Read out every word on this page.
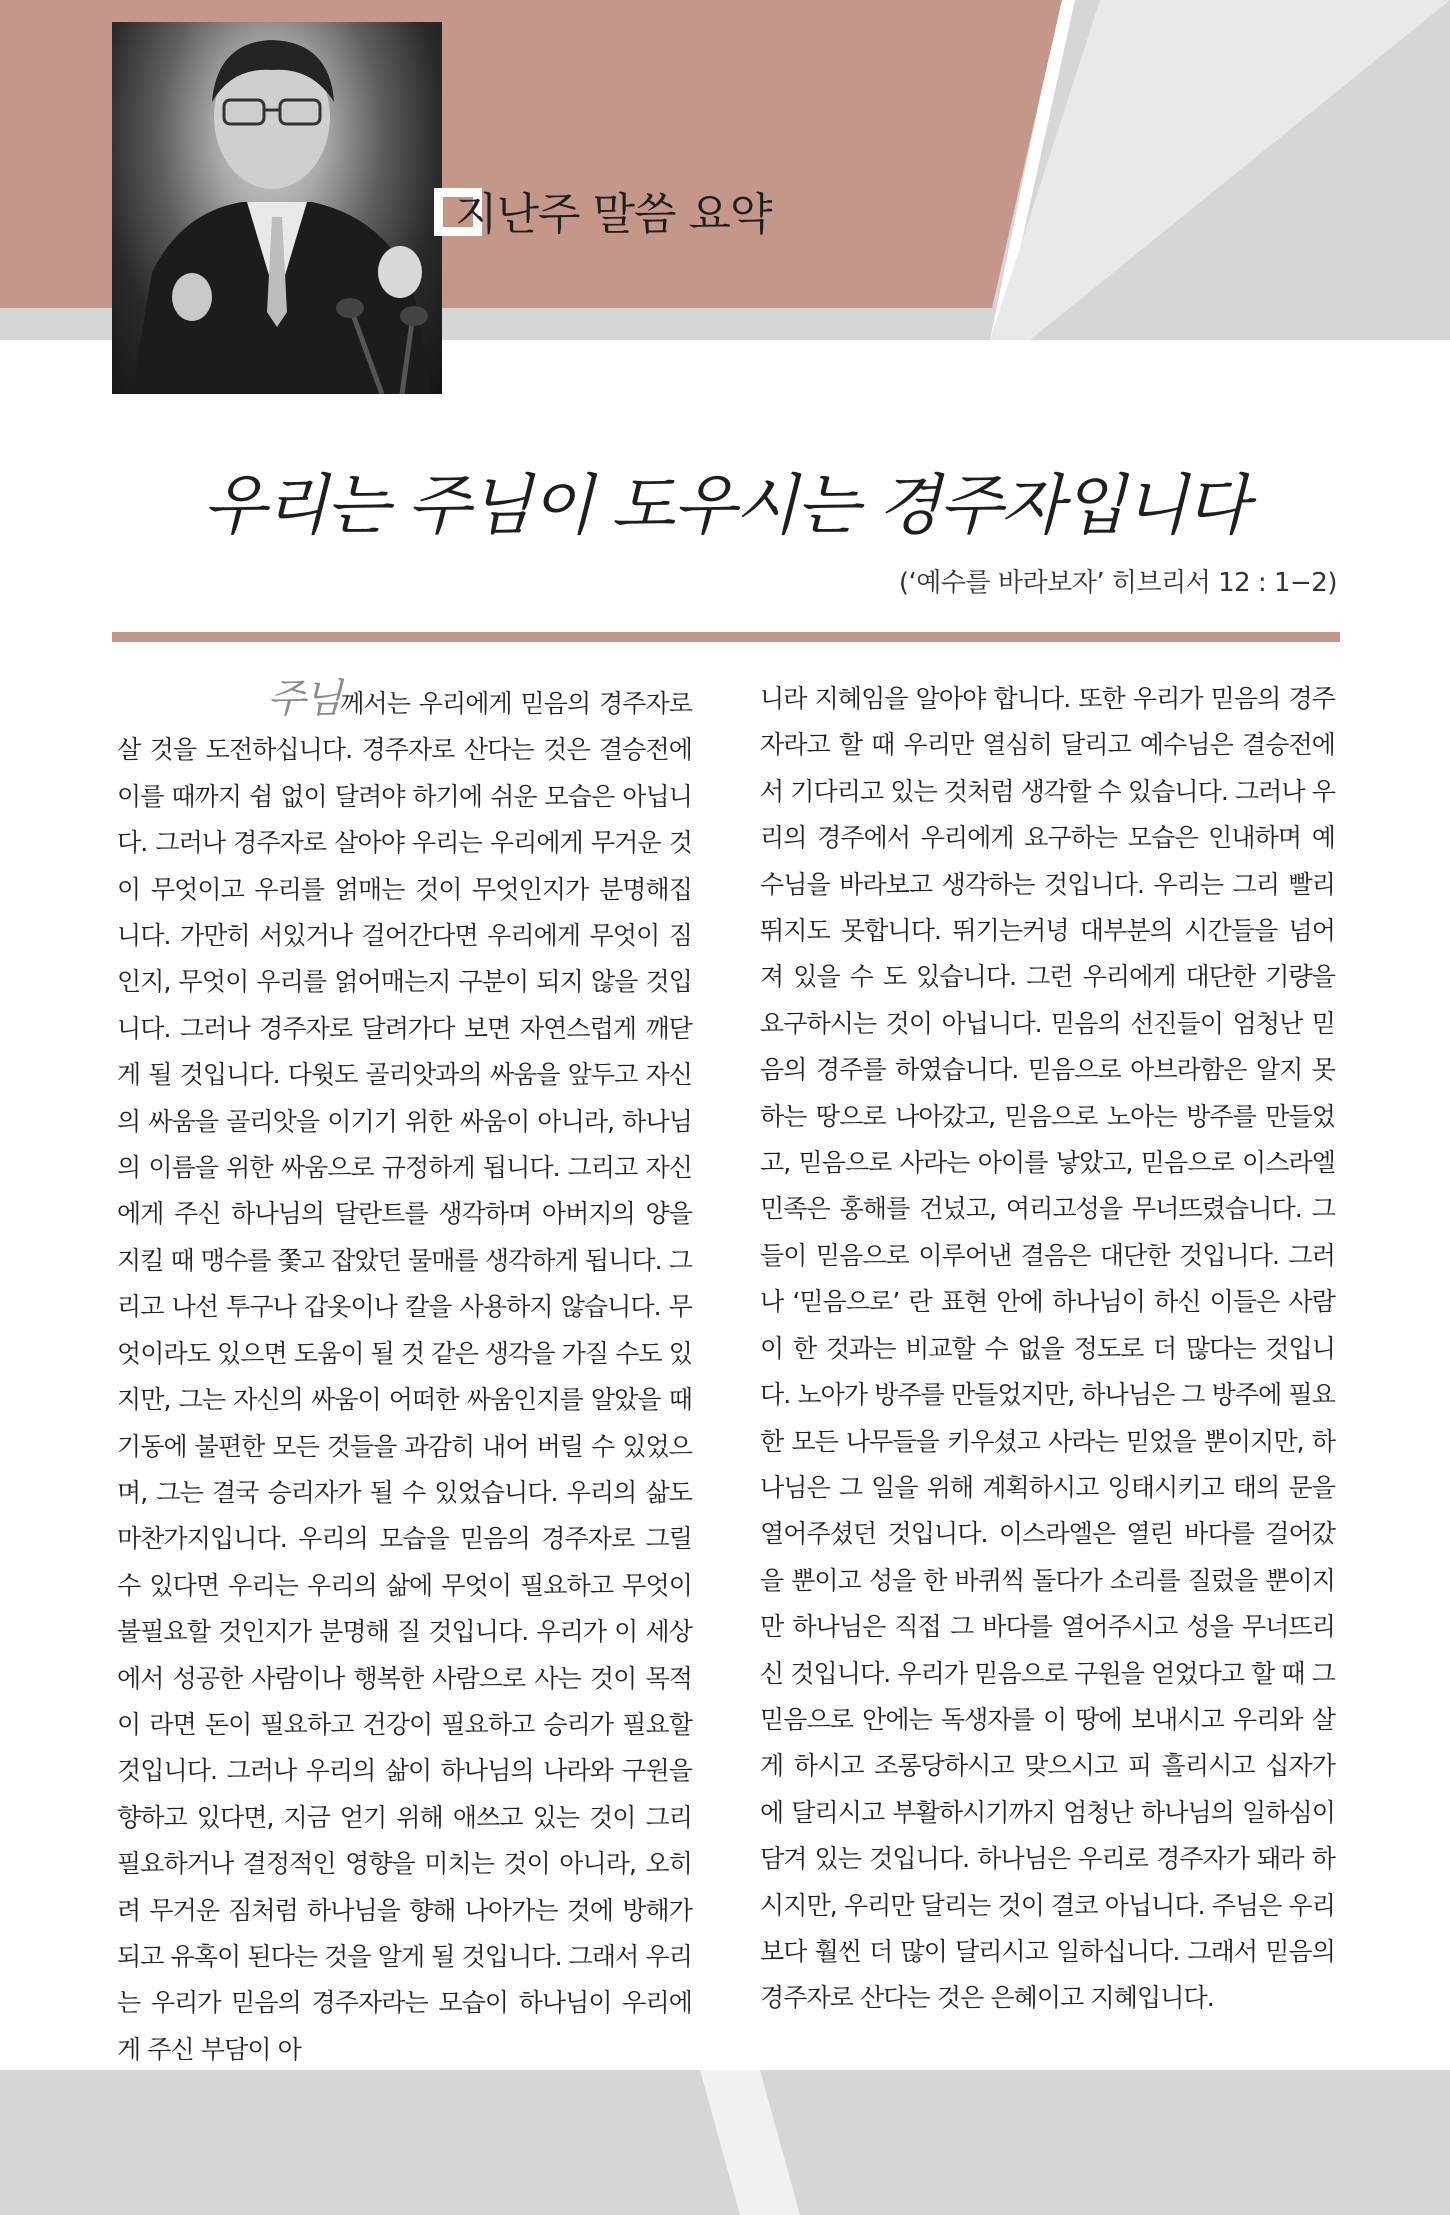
지난주 말씀 요약
우리는 주님이 도우시는 경주자입니다
(‘예수를 바라보자’ 히브리서 12 : 1−2)
주님께서는 우리에게 믿음의 경주자로 살 것을 도전하십니다. 경주자로 산다는 것은 결승전에 이를 때까지 쉼 없이 달려야 하기에 쉬운 모습은 아닙니다. 그러나 경주자로 살아야 우리는 우리에게 무거운 것이 무엇이고 우리를 얽매는 것이 무엇인지가 분명해집니다. 가만히 서있거나 걸어간다면 우리에게 무엇이 짐인지, 무엇이 우리를 얽어매는지 구분이 되지 않을 것입니다. 그러나 경주자로 달려가다 보면 자연스럽게 깨닫게 될 것입니다. 다윗도 골리앗과의 싸움을 앞두고 자신의 싸움을 골리앗을 이기기 위한 싸움이 아니라, 하나님의 이름을 위한 싸움으로 규정하게 됩니다. 그리고 자신에게 주신 하나님의 달란트를 생각하며 아버지의 양을 지킬 때 맹수를 쫓고 잡았던 물매를 생각하게 됩니다. 그리고 나선 투구나 갑옷이나 칼을 사용하지 않습니다. 무엇이라도 있으면 도움이 될 것 같은 생각을 가질 수도 있지만, 그는 자신의 싸움이 어떠한 싸움인지를 알았을 때 기동에 불편한 모든 것들을 과감히 내어 버릴 수 있었으며, 그는 결국 승리자가 될 수 있었습니다. 우리의 삶도 마찬가지입니다. 우리의 모습을 믿음의 경주자로 그릴 수 있다면 우리는 우리의 삶에 무엇이 필요하고 무엇이 불필요할 것인지가 분명해 질 것입니다. 우리가 이 세상에서 성공한 사람이나 행복한 사람으로 사는 것이 목적이 라면 돈이 필요하고 건강이 필요하고 승리가 필요할 것입니다. 그러나 우리의 삶이 하나님의 나라와 구원을 향하고 있다면, 지금 얻기 위해 애쓰고 있는 것이 그리 필요하거나 결정적인 영향을 미치는 것이 아니라, 오히려 무거운 짐처럼 하나님을 향해 나아가는 것에 방해가 되고 유혹이 된다는 것을 알게 될 것입니다. 그래서 우리는 우리가 믿음의 경주자라는 모습이 하나님이 우리에게 주신 부담이 아
니라 지혜임을 알아야 합니다. 또한 우리가 믿음의 경주자라고 할 때 우리만 열심히 달리고 예수님은 결승전에서 기다리고 있는 것처럼 생각할 수 있습니다. 그러나 우리의 경주에서 우리에게 요구하는 모습은 인내하며 예수님을 바라보고 생각하는 것입니다. 우리는 그리 빨리 뛰지도 못합니다. 뛰기는커녕 대부분의 시간들을 넘어져 있을 수 도 있습니다. 그런 우리에게 대단한 기량을 요구하시는 것이 아닙니다. 믿음의 선진들이 엄청난 믿음의 경주를 하였습니다. 믿음으로 아브라함은 알지 못하는 땅으로 나아갔고, 믿음으로 노아는 방주를 만들었고, 믿음으로 사라는 아이를 낳았고, 믿음으로 이스라엘 민족은 홍해를 건넜고, 여리고성을 무너뜨렸습니다. 그들이 믿음으로 이루어낸 결음은 대단한 것입니다. 그러나 ‘믿음으로’ 란 표현 안에 하나님이 하신 이들은 사람이 한 것과는 비교할 수 없을 정도로 더 많다는 것입니다. 노아가 방주를 만들었지만, 하나님은 그 방주에 필요한 모든 나무들을 키우셨고 사라는 믿었을 뿐이지만, 하나님은 그 일을 위해 계획하시고 잉태시키고 태의 문을 열어주셨던 것입니다. 이스라엘은 열린 바다를 걸어갔을 뿐이고 성을 한 바퀴씩 돌다가 소리를 질렀을 뿐이지만 하나님은 직접 그 바다를 열어주시고 성을 무너뜨리신 것입니다. 우리가 믿음으로 구원을 얻었다고 할 때 그 믿음으로 안에는 독생자를 이 땅에 보내시고 우리와 살게 하시고 조롱당하시고 맞으시고 피 흘리시고 십자가에 달리시고 부활하시기까지 엄청난 하나님의 일하심이 담겨 있는 것입니다. 하나님은 우리로 경주자가 돼라 하시지만, 우리만 달리는 것이 결코 아닙니다. 주님은 우리보다 훨씬 더 많이 달리시고 일하십니다. 그래서 믿음의 경주자로 산다는 것은 은혜이고 지혜입니다.
